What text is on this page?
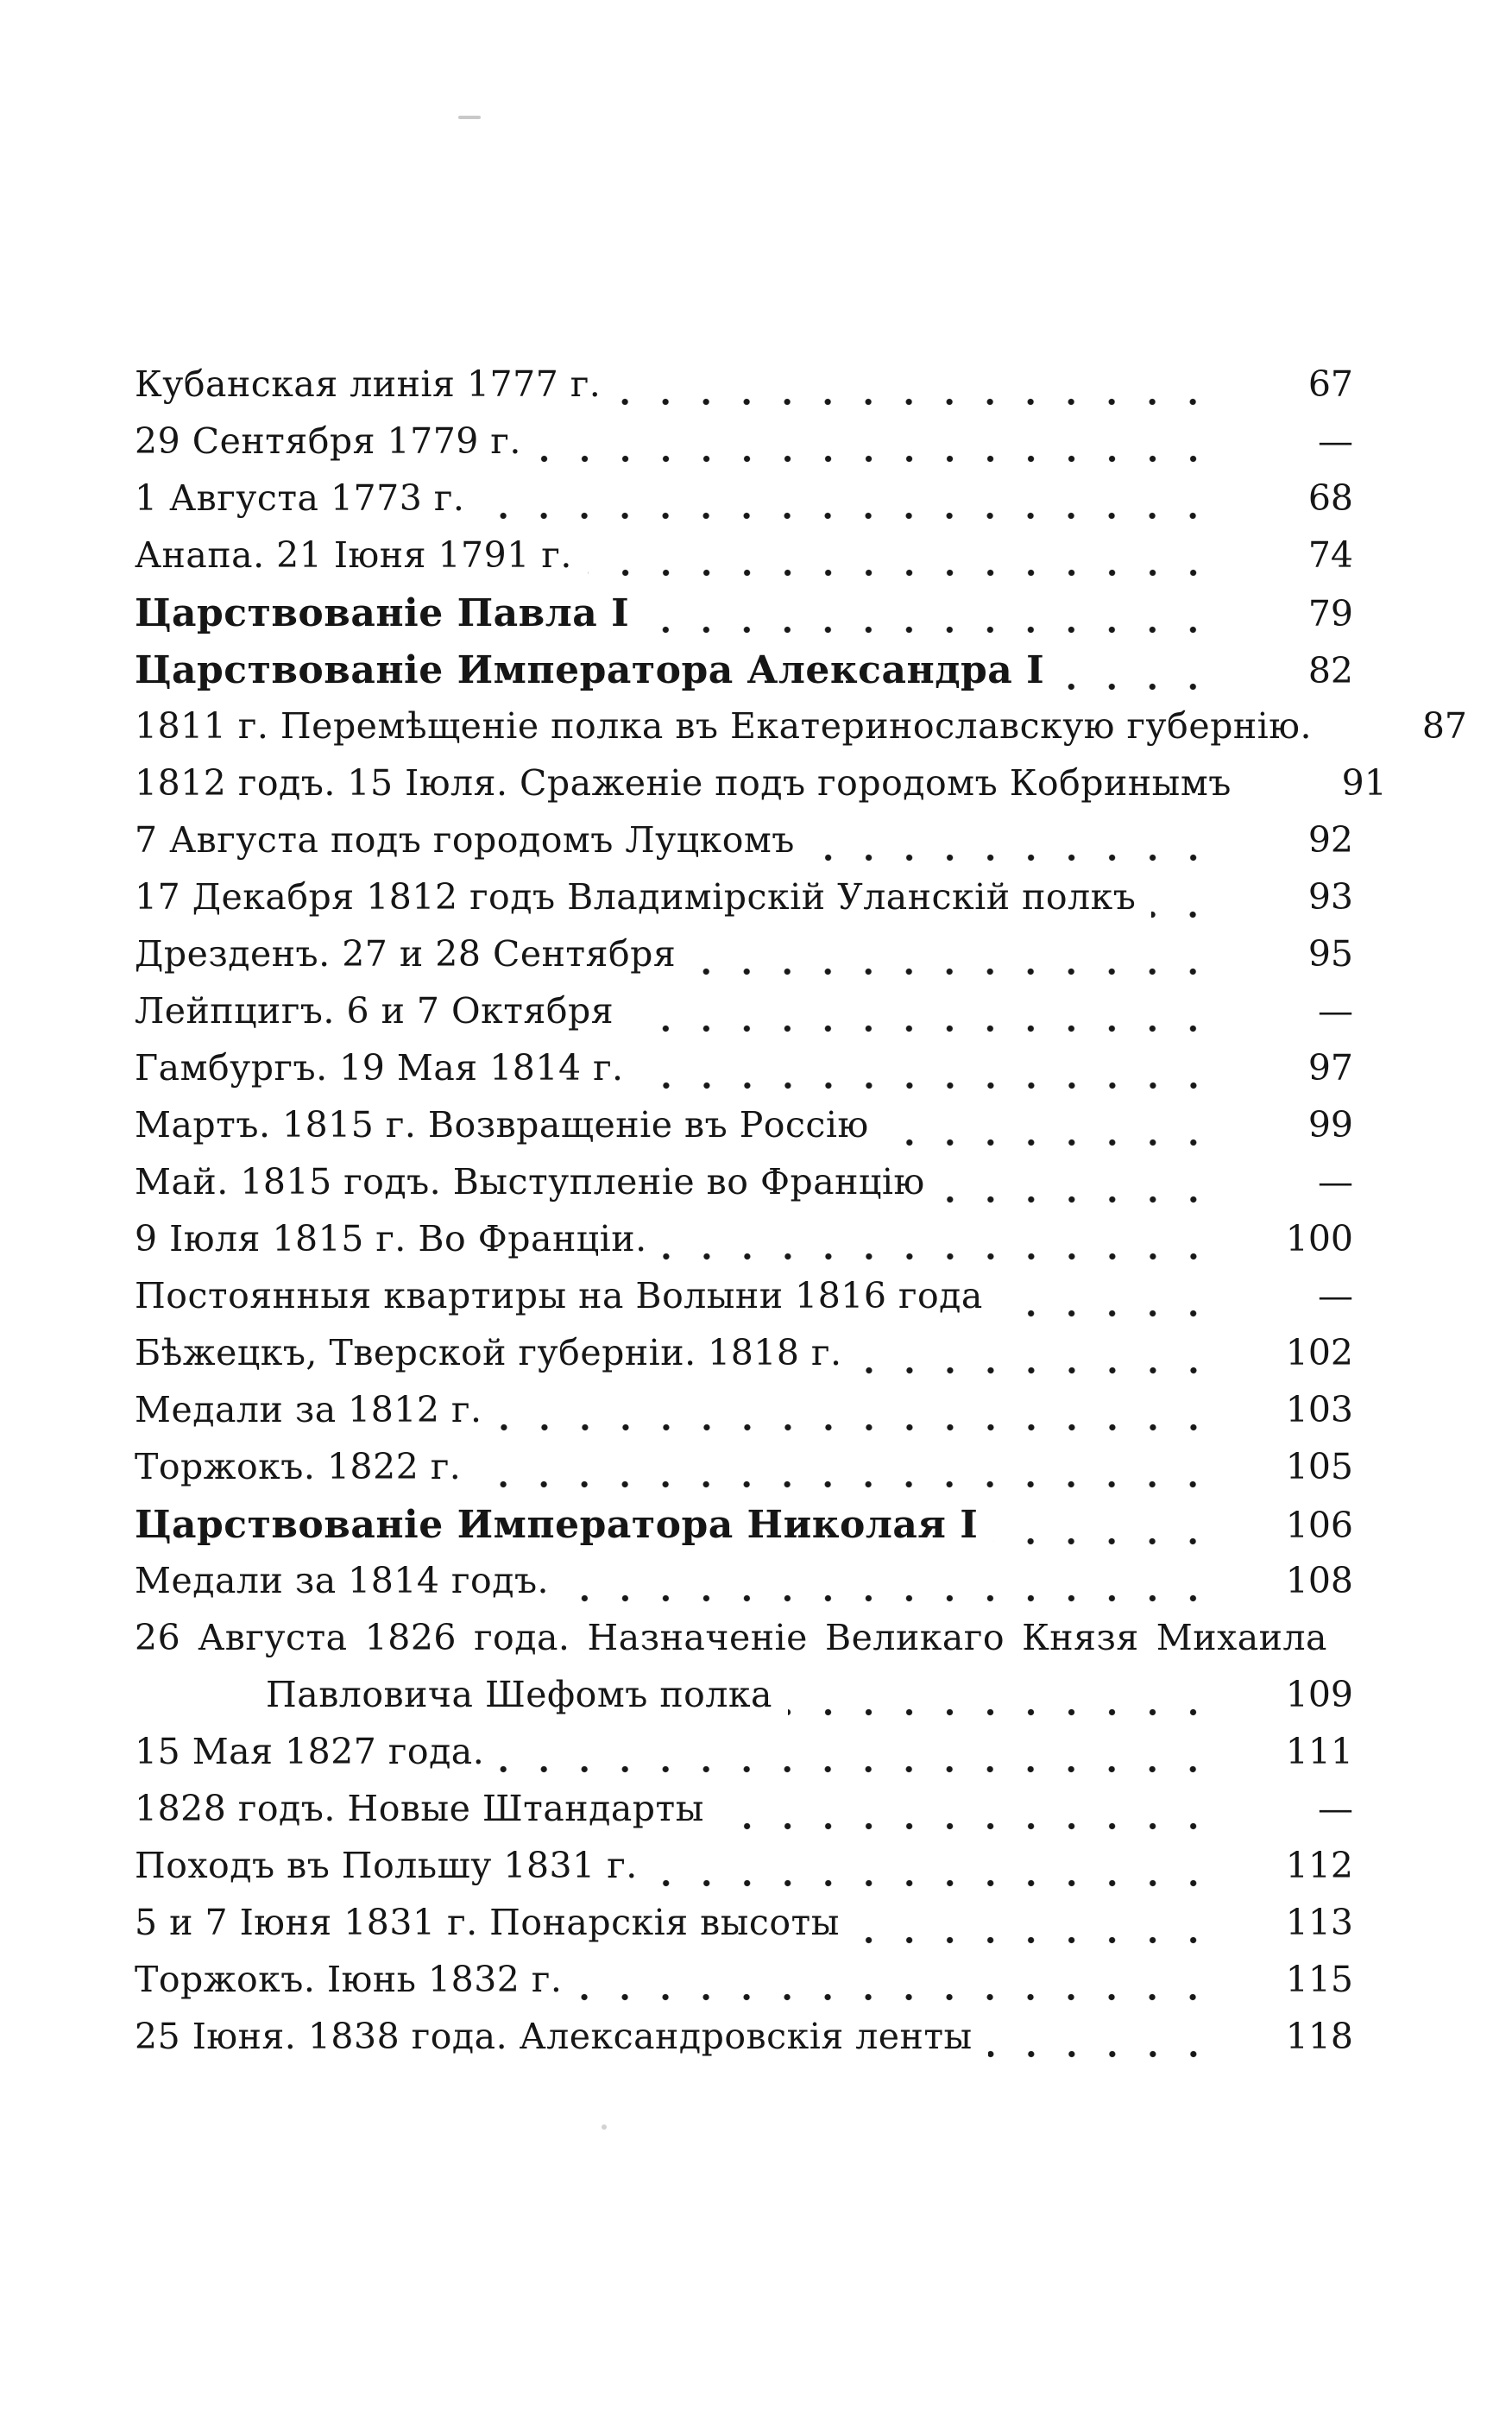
Кубанская линія 1777 г.	67
29 Сентября 1779 г.	—
1 Августа 1773 г.	68
Анапа. 21 Іюня 1791 г.	74
Царствованіе Павла I	79
Царствованіе Императора Александра I	82
1811 г. Перемѣщеніе полка въ Екатеринославскую губернію.	87
1812 годъ. 15 Іюля. Сраженіе подъ городомъ Кобринымъ	91
7 Августа подъ городомъ Луцкомъ	92
17 Декабря 1812 годъ Владимірскій Уланскій полкъ	93
Дрезденъ. 27 и 28 Сентября	95
Лейпцигъ. 6 и 7 Октября	—
Гамбургъ. 19 Мая 1814 г.	97
Мартъ. 1815 г. Возвращеніе въ Россію	99
Май. 1815 годъ. Выступленіе во Францію	—
9 Іюля 1815 г. Во Франціи.	100
Постоянныя квартиры на Волыни 1816 года	—
Бѣжецкъ, Тверской губерніи. 1818 г.	102
Медали за 1812 г.	103
Торжокъ. 1822 г.	105
Царствованіе Императора Николая I	106
Медали за 1814 годъ.	108
26 Августа 1826 года. Назначеніе Великаго Князя Михаила
Павловича Шефомъ полка	109
15 Мая 1827 года.	111
1828 годъ. Новые Штандарты	—
Походъ въ Польшу 1831 г.	112
5 и 7 Іюня 1831 г. Понарскія высоты	113
Торжокъ. Іюнь 1832 г.	115
25 Іюня. 1838 года. Александровскія ленты	118
